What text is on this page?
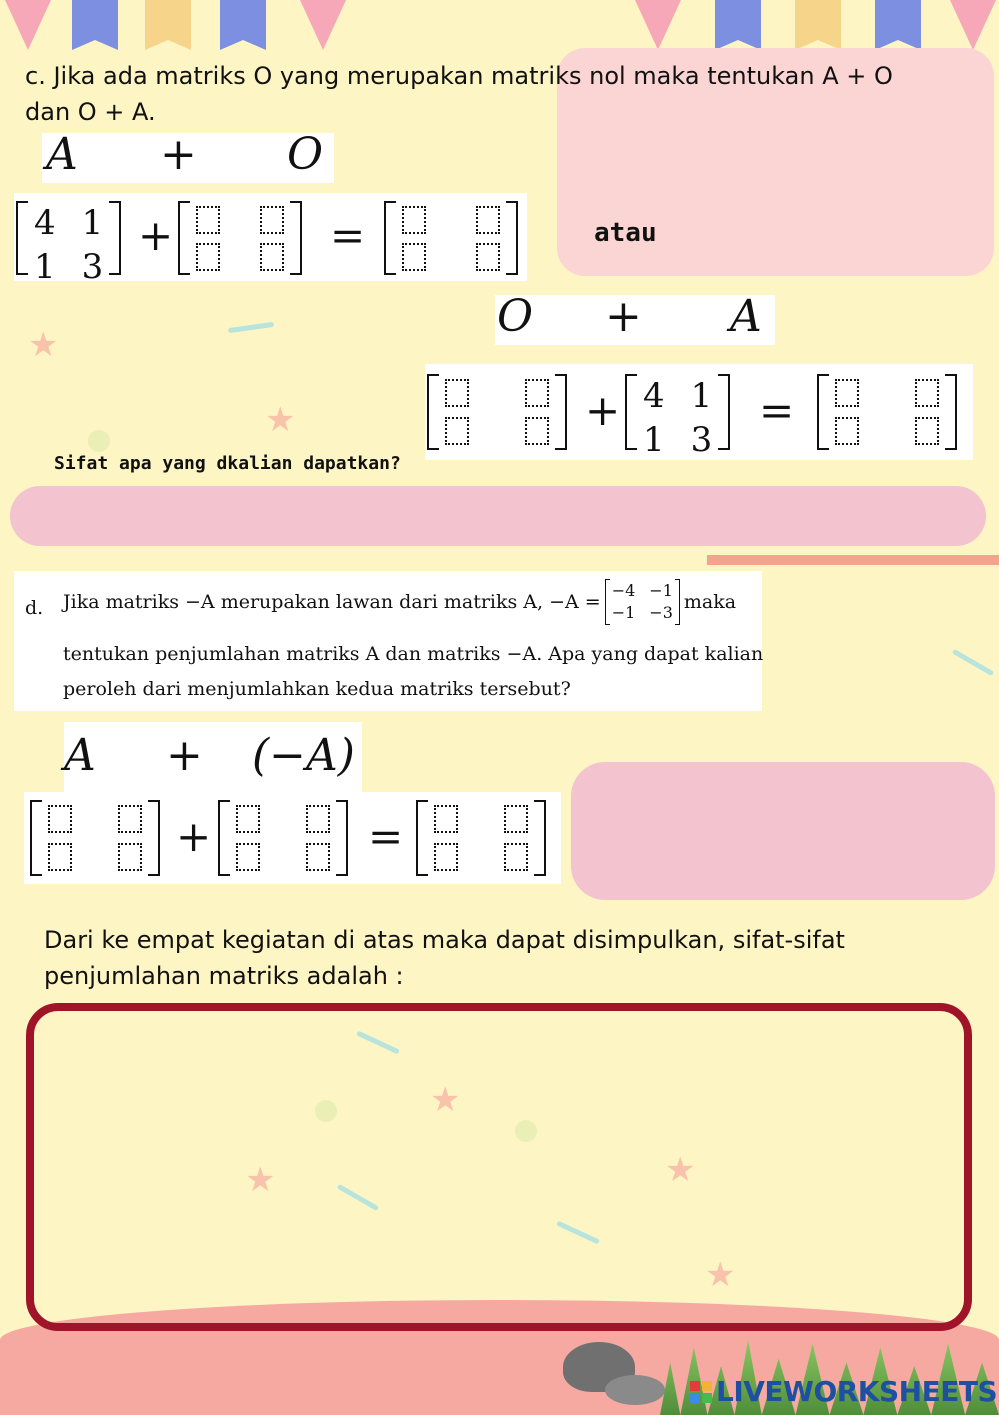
★
★
★
★
★
★
c. Jika ada matriks O yang merupakan matriks nol maka tentukan A + O
dan O + A.
A + O
4 1
1 3
+	=	atau
O + A
+ 4 1
1 3
=
Sifat apa yang dkalian dapatkan?
d. Jika matriks −A merupakan lawan dari matriks A, −A = −4 −1
−1 −3 maka
tentukan penjumlahan matriks A dan matriks −A. Apa yang dapat kalian
peroleh dari menjumlahkan kedua matriks tersebut?
A + (−A)
+	=
Dari ke empat kegiatan di atas maka dapat disimpulkan, sifat-sifat
penjumlahan matriks adalah :
LIVEWORKSHEETS
